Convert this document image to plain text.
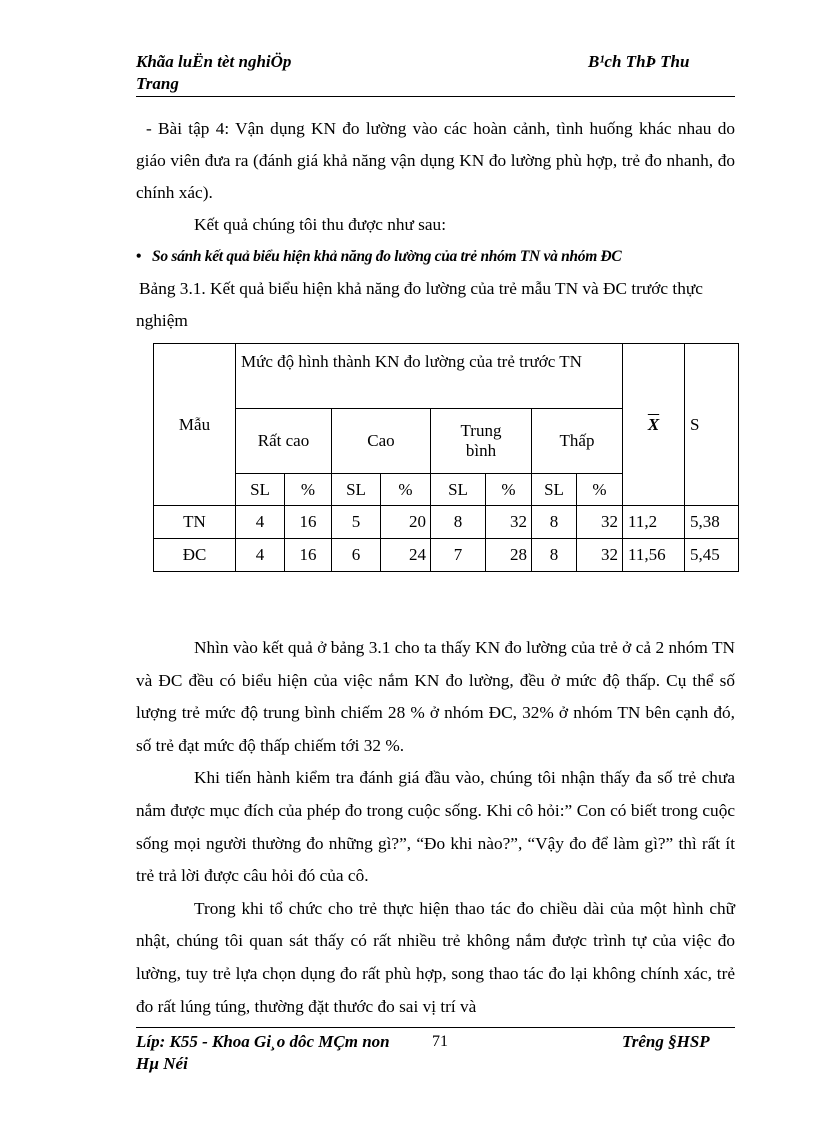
Khãa luËn tèt nghiÖp
Trang
B¹ch ThÞ Thu

- Bài tập 4: Vận dụng KN đo lường vào các hoàn cảnh, tình huống khác nhau do giáo viên đưa ra (đánh giá khả năng vận dụng KN đo lường phù hợp, trẻ đo nhanh, đo chính xác).

Kết quả chúng tôi thu được như sau:

• So sánh kết quả biểu hiện khả năng đo lường của trẻ nhóm TN và nhóm ĐC

Bảng 3.1. Kết quả biểu hiện khả năng đo lường của trẻ mẫu TN và ĐC trước thực nghiệm

Mẫu	Mức độ hình thành KN đo lường của trẻ trước TN								$\overline{X}$	S
	Rất cao		Cao		Trung bình		Thấp			
	SL	%	SL	%	SL	%	SL	%		
TN	4	16	5	20	8	32	8	32	11,2	5,38
ĐC	4	16	6	24	7	28	8	32	11,56	5,45

Nhìn vào kết quả ở bảng 3.1 cho ta thấy KN đo lường của trẻ ở cả 2 nhóm TN và ĐC đều có biểu hiện của việc nắm KN đo lường, đều ở mức độ thấp. Cụ thể số lượng trẻ mức độ trung bình chiếm 28 % ở nhóm ĐC, 32% ở nhóm TN bên cạnh đó, số trẻ đạt mức độ thấp chiếm tới 32 %.

Khi tiến hành kiểm tra đánh giá đầu vào, chúng tôi nhận thấy đa số trẻ chưa nắm được mục đích của phép đo trong cuộc sống. Khi cô hỏi:” Con có biết trong cuộc sống mọi người thường đo những gì?”, “Đo khi nào?”, “Vậy đo để làm gì?” thì rất ít trẻ trả lời được câu hỏi đó của cô.

Trong khi tổ chức cho trẻ thực hiện thao tác đo chiều dài của một hình chữ nhật, chúng tôi quan sát thấy có rất nhiều trẻ không nắm được trình tự của việc đo lường, tuy trẻ lựa chọn dụng đo rất phù hợp, song thao tác đo lại không chính xác, trẻ đo rất lúng túng, thường đặt thước đo sai vị trí và

Líp: K55 - Khoa Gi¸o dôc MÇm non
Hµ Néi
71	Trêng §HSP
